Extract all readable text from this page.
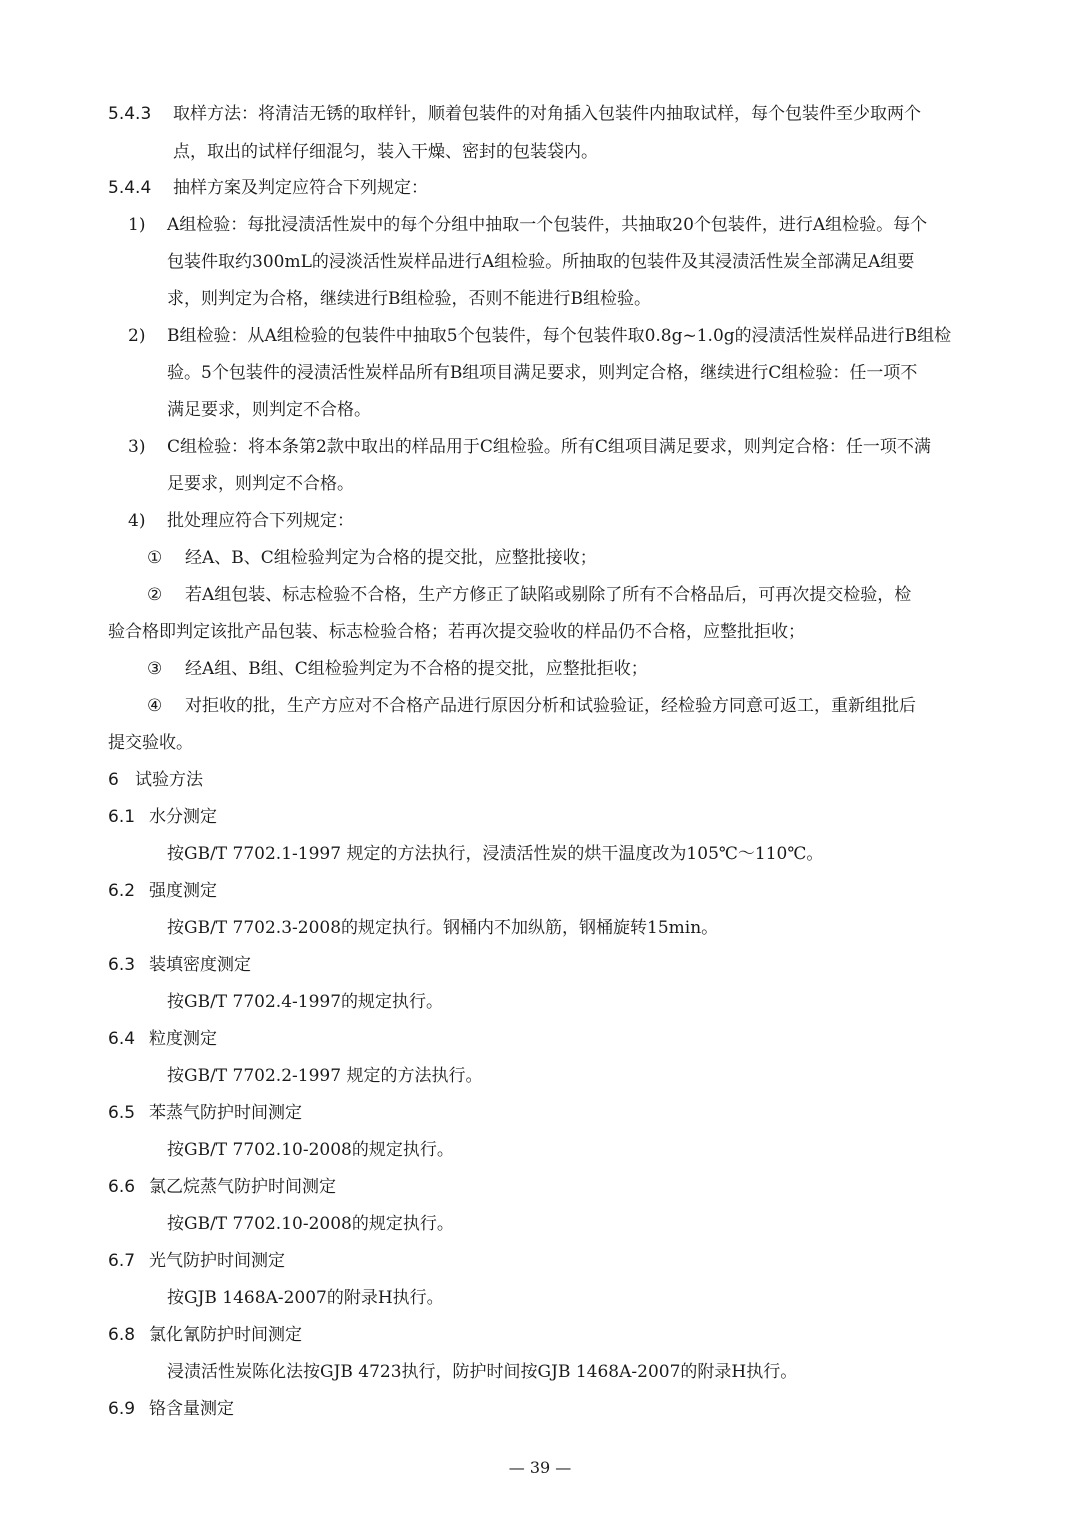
5.4.3 取样方法：将清洁无锈的取样针，顺着包装件的对角插入包装件内抽取试样，每个包装件至少取两个
点，取出的试样仔细混匀，装入干燥、密封的包装袋内。
5.4.4 抽样方案及判定应符合下列规定：
1) A组检验：每批浸渍活性炭中的每个分组中抽取一个包装件，共抽取20个包装件，进行A组检验。每个
包装件取约300mL的浸淡活性炭样品进行A组检验。所抽取的包装件及其浸渍活性炭全部满足A组要
求，则判定为合格，继续进行B组检验，否则不能进行B组检验。
2) B组检验：从A组检验的包装件中抽取5个包装件，每个包装件取0.8g~1.0g的浸渍活性炭样品进行B组检
验。5个包装件的浸渍活性炭样品所有B组项目满足要求，则判定合格，继续进行C组检验：任一项不
满足要求，则判定不合格。
3) C组检验：将本条第2款中取出的样品用于C组检验。所有C组项目满足要求，则判定合格：任一项不满
足要求，则判定不合格。
4) 批处理应符合下列规定：
① 经A、B、C组检验判定为合格的提交批，应整批接收；
② 若A组包装、标志检验不合格，生产方修正了缺陷或剔除了所有不合格品后，可再次提交检验，检
验合格即判定该批产品包装、标志检验合格；若再次提交验收的样品仍不合格，应整批拒收；
③ 经A组、B组、C组检验判定为不合格的提交批，应整批拒收；
④ 对拒收的批，生产方应对不合格产品进行原因分析和试验验证，经检验方同意可返工，重新组批后
提交验收。
6 试验方法
6.1 水分测定
按GB/T 7702.1-1997 规定的方法执行，浸渍活性炭的烘干温度改为105℃～110℃。
6.2 强度测定
按GB/T 7702.3-2008的规定执行。钢桶内不加纵筋，钢桶旋转15min。
6.3 装填密度测定
按GB/T 7702.4-1997的规定执行。
6.4 粒度测定
按GB/T 7702.2-1997 规定的方法执行。
6.5 苯蒸气防护时间测定
按GB/T 7702.10-2008的规定执行。
6.6 氯乙烷蒸气防护时间测定
按GB/T 7702.10-2008的规定执行。
6.7 光气防护时间测定
按GJB 1468A-2007的附录H执行。
6.8 氯化氰防护时间测定
浸渍活性炭陈化法按GJB 4723执行，防护时间按GJB 1468A-2007的附录H执行。
6.9 铬含量测定
— 39 —
